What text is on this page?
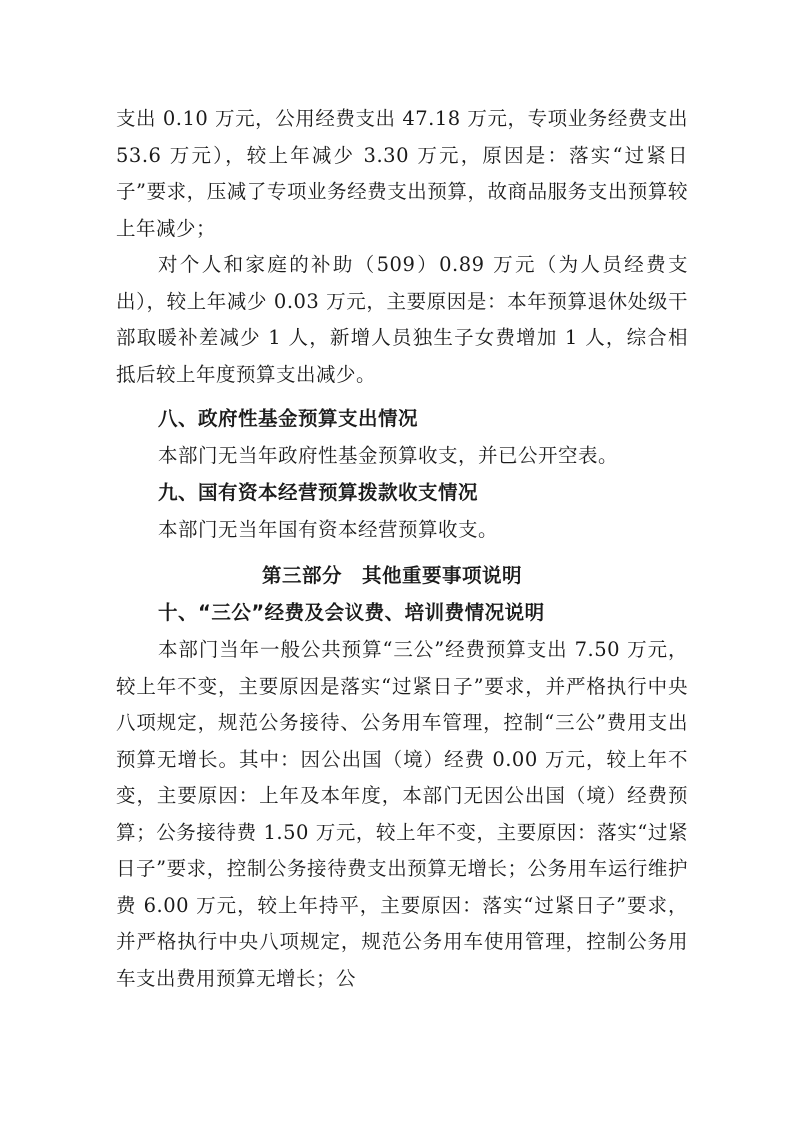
支出 0.10 万元，公用经费支出 47.18 万元，专项业务经费支出 53.6 万元），较上年减少 3.30 万元，原因是：落实“过紧日子”要求，压减了专项业务经费支出预算，故商品服务支出预算较上年减少；

对个人和家庭的补助（509）0.89 万元（为人员经费支出），较上年减少 0.03 万元，主要原因是：本年预算退休处级干部取暖补差减少 1 人，新增人员独生子女费增加 1 人，综合相抵后较上年度预算支出减少。

八、政府性基金预算支出情况

本部门无当年政府性基金预算收支，并已公开空表。

九、国有资本经营预算拨款收支情况

本部门无当年国有资本经营预算收支。

第三部分　其他重要事项说明
十、“三公”经费及会议费、培训费情况说明

本部门当年一般公共预算“三公”经费预算支出 7.50 万元，较上年不变，主要原因是落实“过紧日子”要求，并严格执行中央八项规定，规范公务接待、公务用车管理，控制“三公”费用支出预算无增长。其中：因公出国（境）经费 0.00 万元，较上年不变，主要原因：上年及本年度，本部门无因公出国（境）经费预算；公务接待费 1.50 万元，较上年不变，主要原因：落实“过紧日子”要求，控制公务接待费支出预算无增长；公务用车运行维护费 6.00 万元，较上年持平，主要原因：落实“过紧日子”要求，并严格执行中央八项规定，规范公务用车使用管理，控制公务用车支出费用预算无增长；公
